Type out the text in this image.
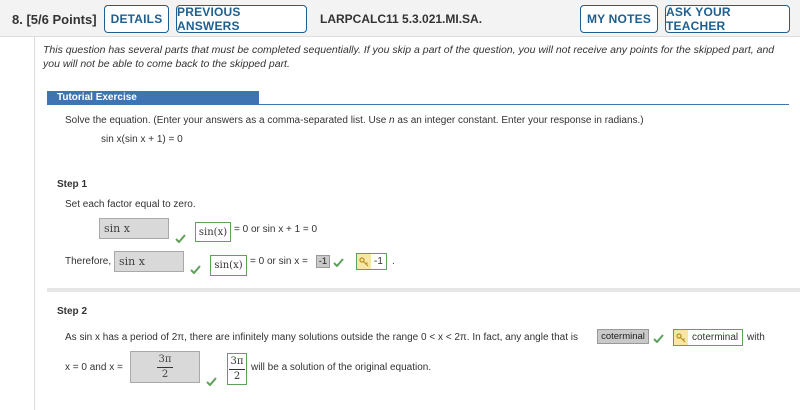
8. [5/6 Points]	DETAILS	PREVIOUS ANSWERS	LARPCALC11 5.3.021.MI.SA.	MY NOTES	ASK YOUR TEACHER
This question has several parts that must be completed sequentially. If you skip a part of the question, you will not receive any points for the skipped part, and you will not be able to come back to the skipped part.
Tutorial Exercise
Solve the equation. (Enter your answers as a comma-separated list. Use n as an integer constant. Enter your response in radians.)
sin x(sin x + 1) = 0
Step 1
Set each factor equal to zero.
sin x	sin(x) = 0 or sin x + 1 = 0
Therefore, sin x	sin(x) = 0 or sin x = -1	-1 .
Step 2
As sin x has a period of 2π, there are infinitely many solutions outside the range 0 < x < 2π. In fact, any angle that is	coterminal	coterminal with
x = 0 and x =	$\frac{3\pi}{2}$	$\frac{3\pi}{2}$ will be a solution of the original equation.
